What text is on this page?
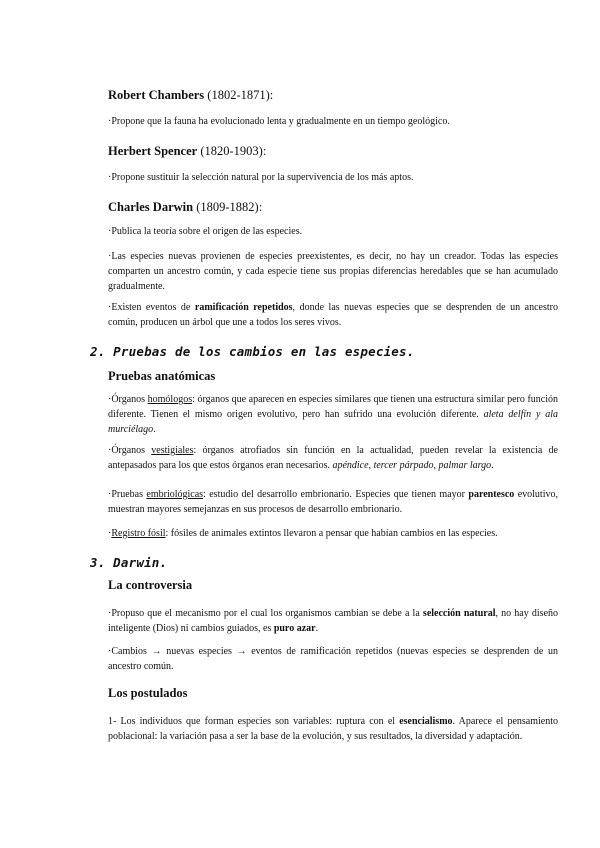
Robert Chambers (1802-1871):
·Propone que la fauna ha evolucionado lenta y gradualmente en un tiempo geológico.
Herbert Spencer (1820-1903):
·Propone sustituir la selección natural por la supervivencia de los más aptos.
Charles Darwin (1809-1882):
·Publica la teoría sobre el origen de las especies.
·Las especies nuevas provienen de especies preexistentes, es decir, no hay un creador. Todas las especies comparten un ancestro común, y cada especie tiene sus propias diferencias heredables que se han acumulado gradualmente.
·Existen eventos de ramificación repetidos, donde las nuevas especies que se desprenden de un ancestro común, producen un árbol que une a todos los seres vivos.
2. Pruebas de los cambios en las especies.
Pruebas anatómicas
·Órganos homólogos: órganos que aparecen en especies similares que tienen una estructura similar pero función diferente. Tienen el mismo origen evolutivo, pero han sufrido una evolución diferente. aleta delfín y ala murciélago.
·Órganos vestigiales: órganos atrofiados sin función en la actualidad, pueden revelar la existencia de antepasados para los que estos órganos eran necesarios. apéndice, tercer párpado, palmar largo.
·Pruebas embriológicas: estudio del desarrollo embrionario. Especies que tienen mayor parentesco evolutivo, muestran mayores semejanzas en sus procesos de desarrollo embrionario.
·Registro fósil: fósiles de animales extintos llevaron a pensar que habían cambios en las especies.
3. Darwin.
La controversia
·Propuso que el mecanismo por el cual los organismos cambian se debe a la selección natural, no hay diseño inteligente (Dios) ni cambios guiados, es puro azar.
·Cambios → nuevas especies → eventos de ramificación repetidos (nuevas especies se desprenden de un ancestro común.
Los postulados
1- Los individuos que forman especies son variables: ruptura con el esencialismo. Aparece el pensamiento poblacional: la variación pasa a ser la base de la evolución, y sus resultados, la diversidad y adaptación.
